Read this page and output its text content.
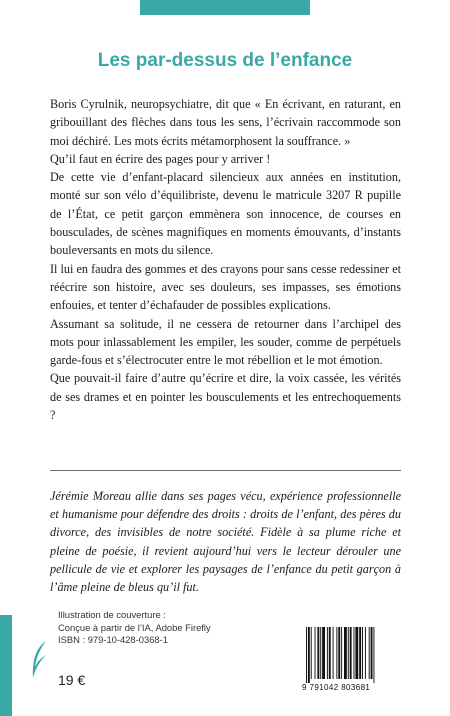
Les par-dessus de l’enfance

Boris Cyrulnik, neuropsychiatre, dit que « En écrivant, en raturant, en gribouillant des flèches dans tous les sens, l’écrivain raccommode son moi déchiré. Les mots écrits métamorphosent la souffrance. »

Qu’il faut en écrire des pages pour y arriver !

De cette vie d’enfant-placard silencieux aux années en institution, monté sur son vélo d’équilibriste, devenu le matricule 3207 R pupille de l’État, ce petit garçon emmènera son innocence, de courses en bousculades, de scènes magnifiques en moments émouvants, d’instants bouleversants en mots du silence.

Il lui en faudra des gommes et des crayons pour sans cesse redessiner et réécrire son histoire, avec ses douleurs, ses impasses, ses émotions enfouies, et tenter d’échafauder de possibles explications.

Assumant sa solitude, il ne cessera de retourner dans l’archipel des mots pour inlassablement les empiler, les souder, comme de perpétuels garde-fous et s’électrocuter entre le mot rébellion et le mot émotion.

Que pouvait-il faire d’autre qu’écrire et dire, la voix cassée, les vérités de ses drames et en pointer les bousculements et les entrechoquements ?

Jérémie Moreau allie dans ses pages vécu, expérience professionnelle et humanisme pour défendre des droits : droits de l’enfant, des pères du divorce, des invisibles de notre société. Fidèle à sa plume riche et pleine de poésie, il revient aujourd’hui vers le lecteur dérouler une pellicule de vie et explorer les paysages de l’enfance du petit garçon à l’âme pleine de bleus qu’il fut.

Illustration de couverture :
Conçue à partir de l’IA, Adobe Firefly
ISBN : 979-10-428-0368-1
19 €	9 791042 803681
